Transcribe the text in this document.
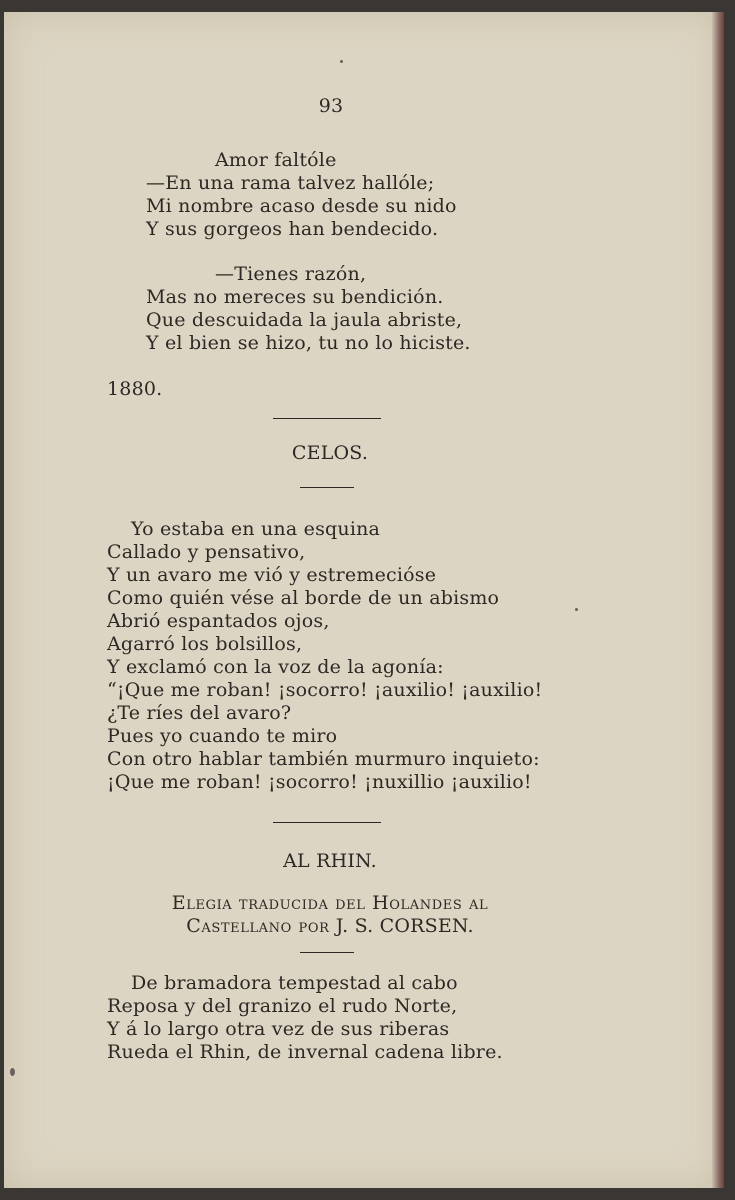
93
Amor faltóle
—En una rama talvez hallóle;
Mi nombre acaso desde su nido
Y sus gorgeos han bendecido.
—Tienes razón,
Mas no mereces su bendición.
Que descuidada la jaula abriste,
Y el bien se hizo, tu no lo hiciste.
1880.
CELOS.
Yo estaba en una esquina
Callado y pensativo,
Y un avaro me vió y estremecióse
Como quién vése al borde de un abismo
Abrió espantados ojos,
Agarró los bolsillos,
Y exclamó con la voz de la agonía:
“¡Que me roban! ¡socorro! ¡auxilio! ¡auxilio!
¿Te ríes del avaro?
Pues yo cuando te miro
Con otro hablar también murmuro inquieto:
¡Que me roban! ¡socorro! ¡nuxillio ¡auxilio!
AL RHIN.
Elegia traducida del Holandes al
Castellano por J. S. CORSEN.
De bramadora tempestad al cabo
Reposa y del granizo el rudo Norte,
Y á lo largo otra vez de sus riberas
Rueda el Rhin, de invernal cadena libre.
